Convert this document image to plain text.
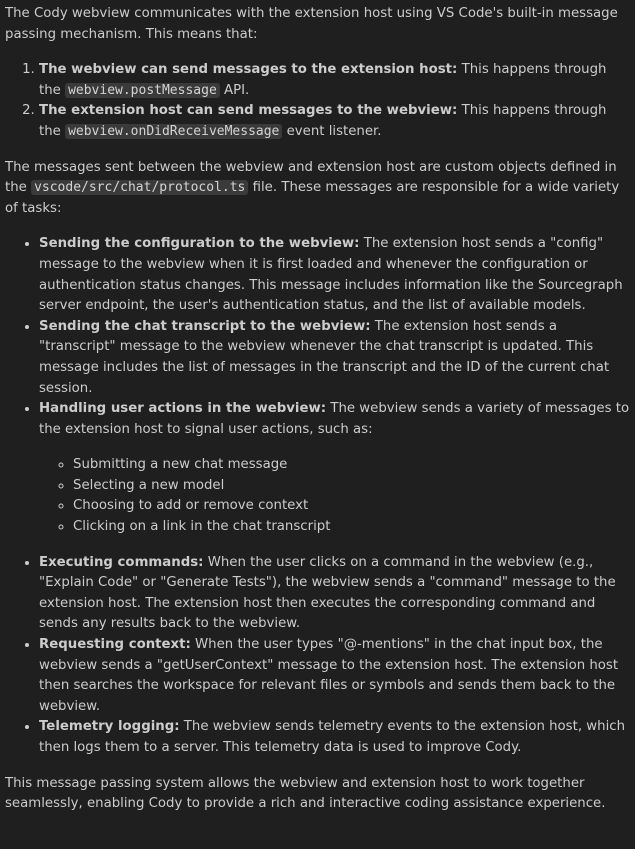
The Cody webview communicates with the extension host using VS Code's built-in message passing mechanism. This means that:

1. The webview can send messages to the extension host: This happens through the webview.postMessage API.
2. The extension host can send messages to the webview: This happens through the webview.onDidReceiveMessage event listener.

The messages sent between the webview and extension host are custom objects defined in the vscode/src/chat/protocol.ts file. These messages are responsible for a wide variety of tasks:

• Sending the configuration to the webview: The extension host sends a "config" message to the webview when it is first loaded and whenever the configuration or authentication status changes. This message includes information like the Sourcegraph server endpoint, the user's authentication status, and the list of available models.
• Sending the chat transcript to the webview: The extension host sends a "transcript" message to the webview whenever the chat transcript is updated. This message includes the list of messages in the transcript and the ID of the current chat session.
• Handling user actions in the webview: The webview sends a variety of messages to the extension host to signal user actions, such as:
◦ Submitting a new chat message
◦ Selecting a new model
◦ Choosing to add or remove context
◦ Clicking on a link in the chat transcript
• Executing commands: When the user clicks on a command in the webview (e.g., "Explain Code" or "Generate Tests"), the webview sends a "command" message to the extension host. The extension host then executes the corresponding command and sends any results back to the webview.
• Requesting context: When the user types "@-mentions" in the chat input box, the webview sends a "getUserContext" message to the extension host. The extension host then searches the workspace for relevant files or symbols and sends them back to the webview.
• Telemetry logging: The webview sends telemetry events to the extension host, which then logs them to a server. This telemetry data is used to improve Cody.

This message passing system allows the webview and extension host to work together seamlessly, enabling Cody to provide a rich and interactive coding assistance experience.
